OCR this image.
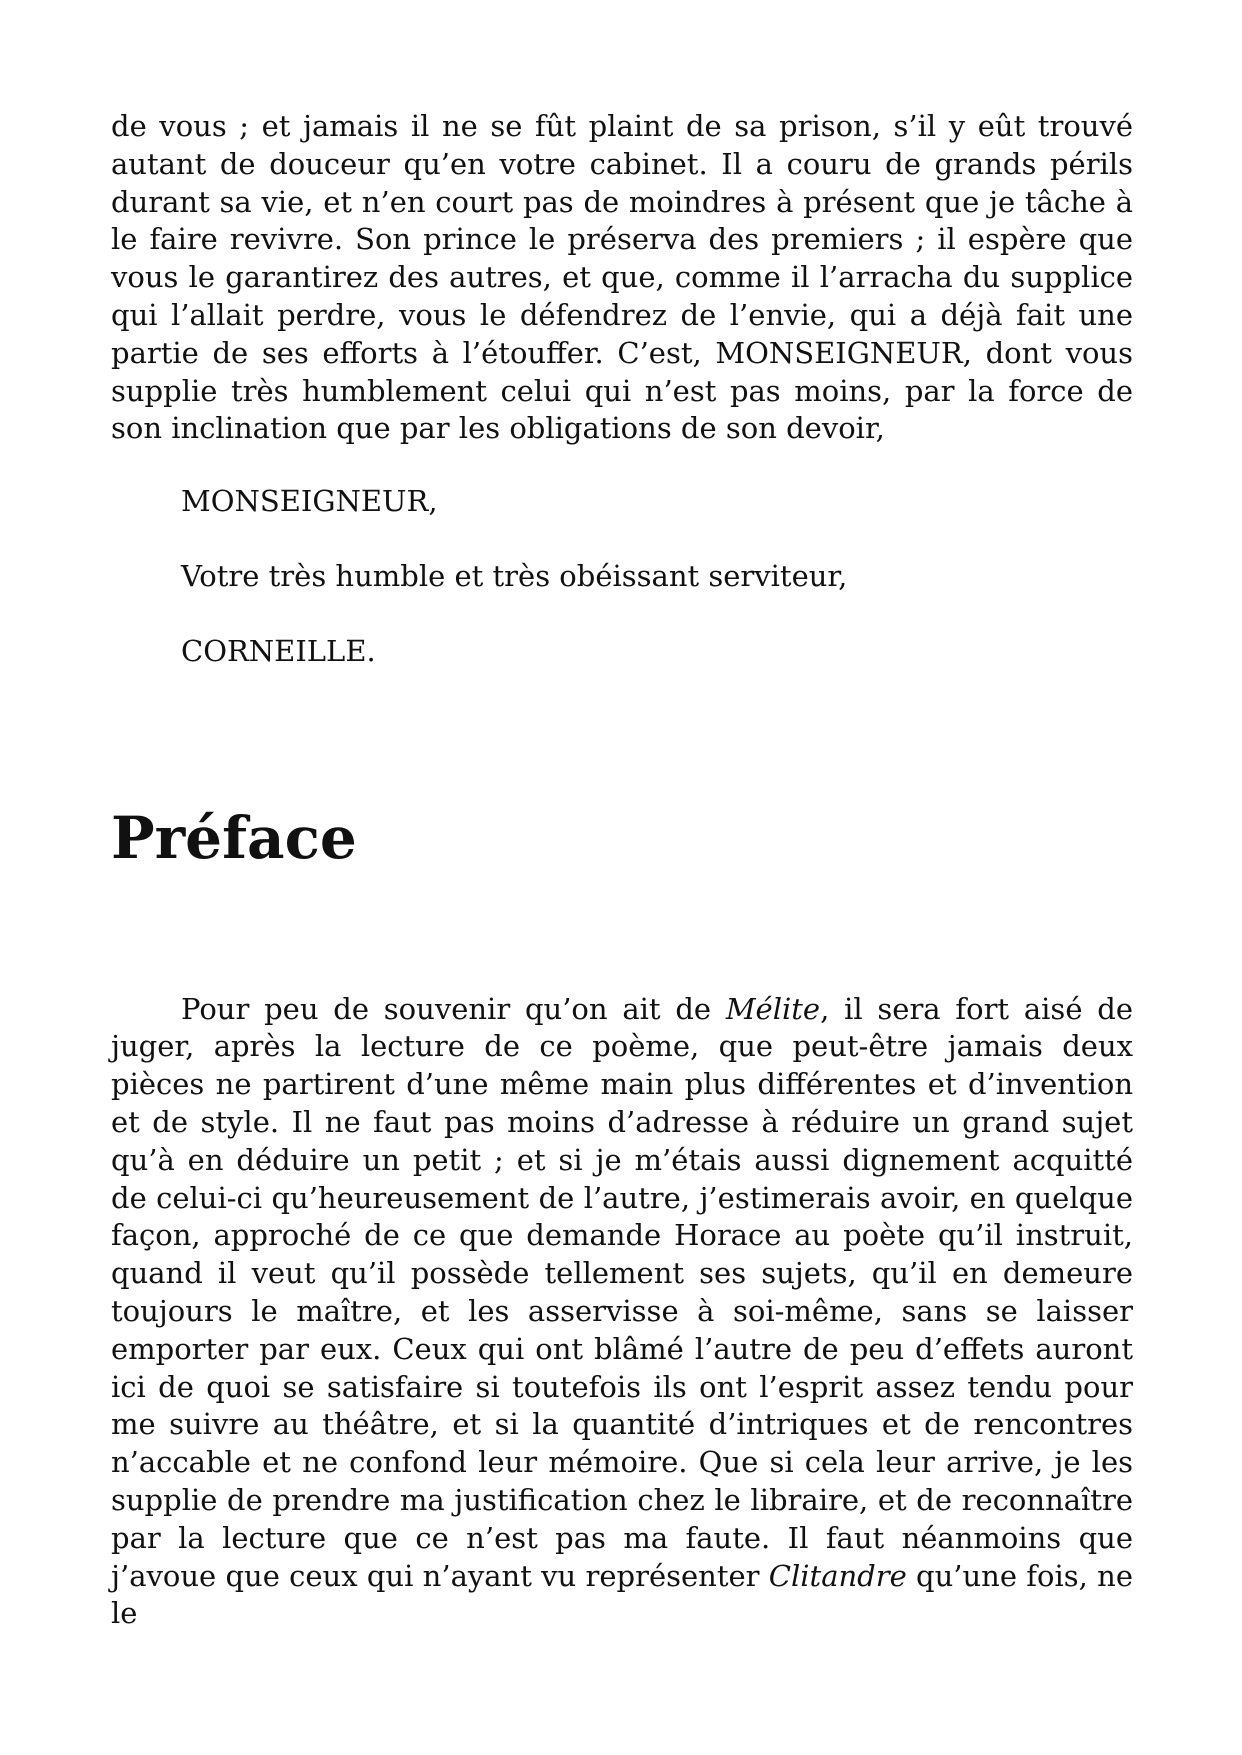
de vous ; et jamais il ne se fût plaint de sa prison, s’il y eût trouvé autant de douceur qu’en votre cabinet. Il a couru de grands périls durant sa vie, et n’en court pas de moindres à présent que je tâche à le faire revivre. Son prince le préserva des premiers ; il espère que vous le garantirez des autres, et que, comme il l’arracha du supplice qui l’allait perdre, vous le défendrez de l’envie, qui a déjà fait une partie de ses efforts à l’étouffer. C’est, MONSEIGNEUR, dont vous supplie très humblement celui qui n’est pas moins, par la force de son inclination que par les obligations de son devoir,

MONSEIGNEUR,

Votre très humble et très obéissant serviteur,

CORNEILLE.

Préface

Pour peu de souvenir qu’on ait de Mélite, il sera fort aisé de juger, après la lecture de ce poème, que peut-être jamais deux pièces ne partirent d’une même main plus différentes et d’invention et de style. Il ne faut pas moins d’adresse à réduire un grand sujet qu’à en déduire un petit ; et si je m’étais aussi dignement acquitté de celui-ci qu’heureusement de l’autre, j’estimerais avoir, en quelque façon, approché de ce que demande Horace au poète qu’il instruit, quand il veut qu’il possède tellement ses sujets, qu’il en demeure toujours le maître, et les asservisse à soi-même, sans se laisser emporter par eux. Ceux qui ont blâmé l’autre de peu d’effets auront ici de quoi se satisfaire si toutefois ils ont l’esprit assez tendu pour me suivre au théâtre, et si la quantité d’intriques et de rencontres n’accable et ne confond leur mémoire. Que si cela leur arrive, je les supplie de prendre ma justification chez le libraire, et de reconnaître par la lecture que ce n’est pas ma faute. Il faut néanmoins que j’avoue que ceux qui n’ayant vu représenter Clitandre qu’une fois, ne le
